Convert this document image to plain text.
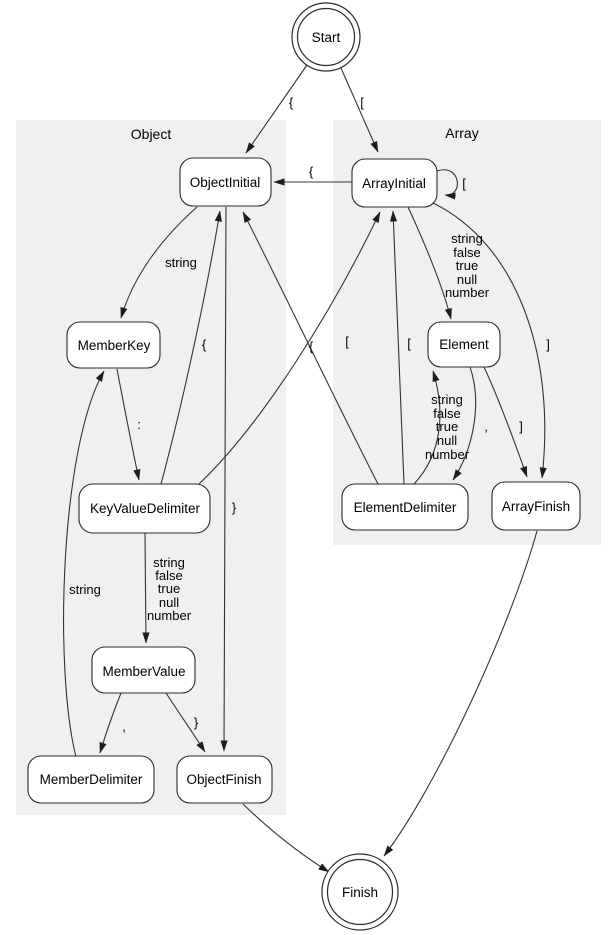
Object	Array
{	[
{
[
string
false
true
null
number
]
, ]
string
false
true
null
number
[
{
string
:
{	[
string
false
true
null
number
,	}
string
}
Start
ObjectInitial	ArrayInitial
MemberKey	Element
KeyValueDelimiter	ElementDelimiter	ArrayFinish
MemberValue
MemberDelimiter	ObjectFinish
Finish
